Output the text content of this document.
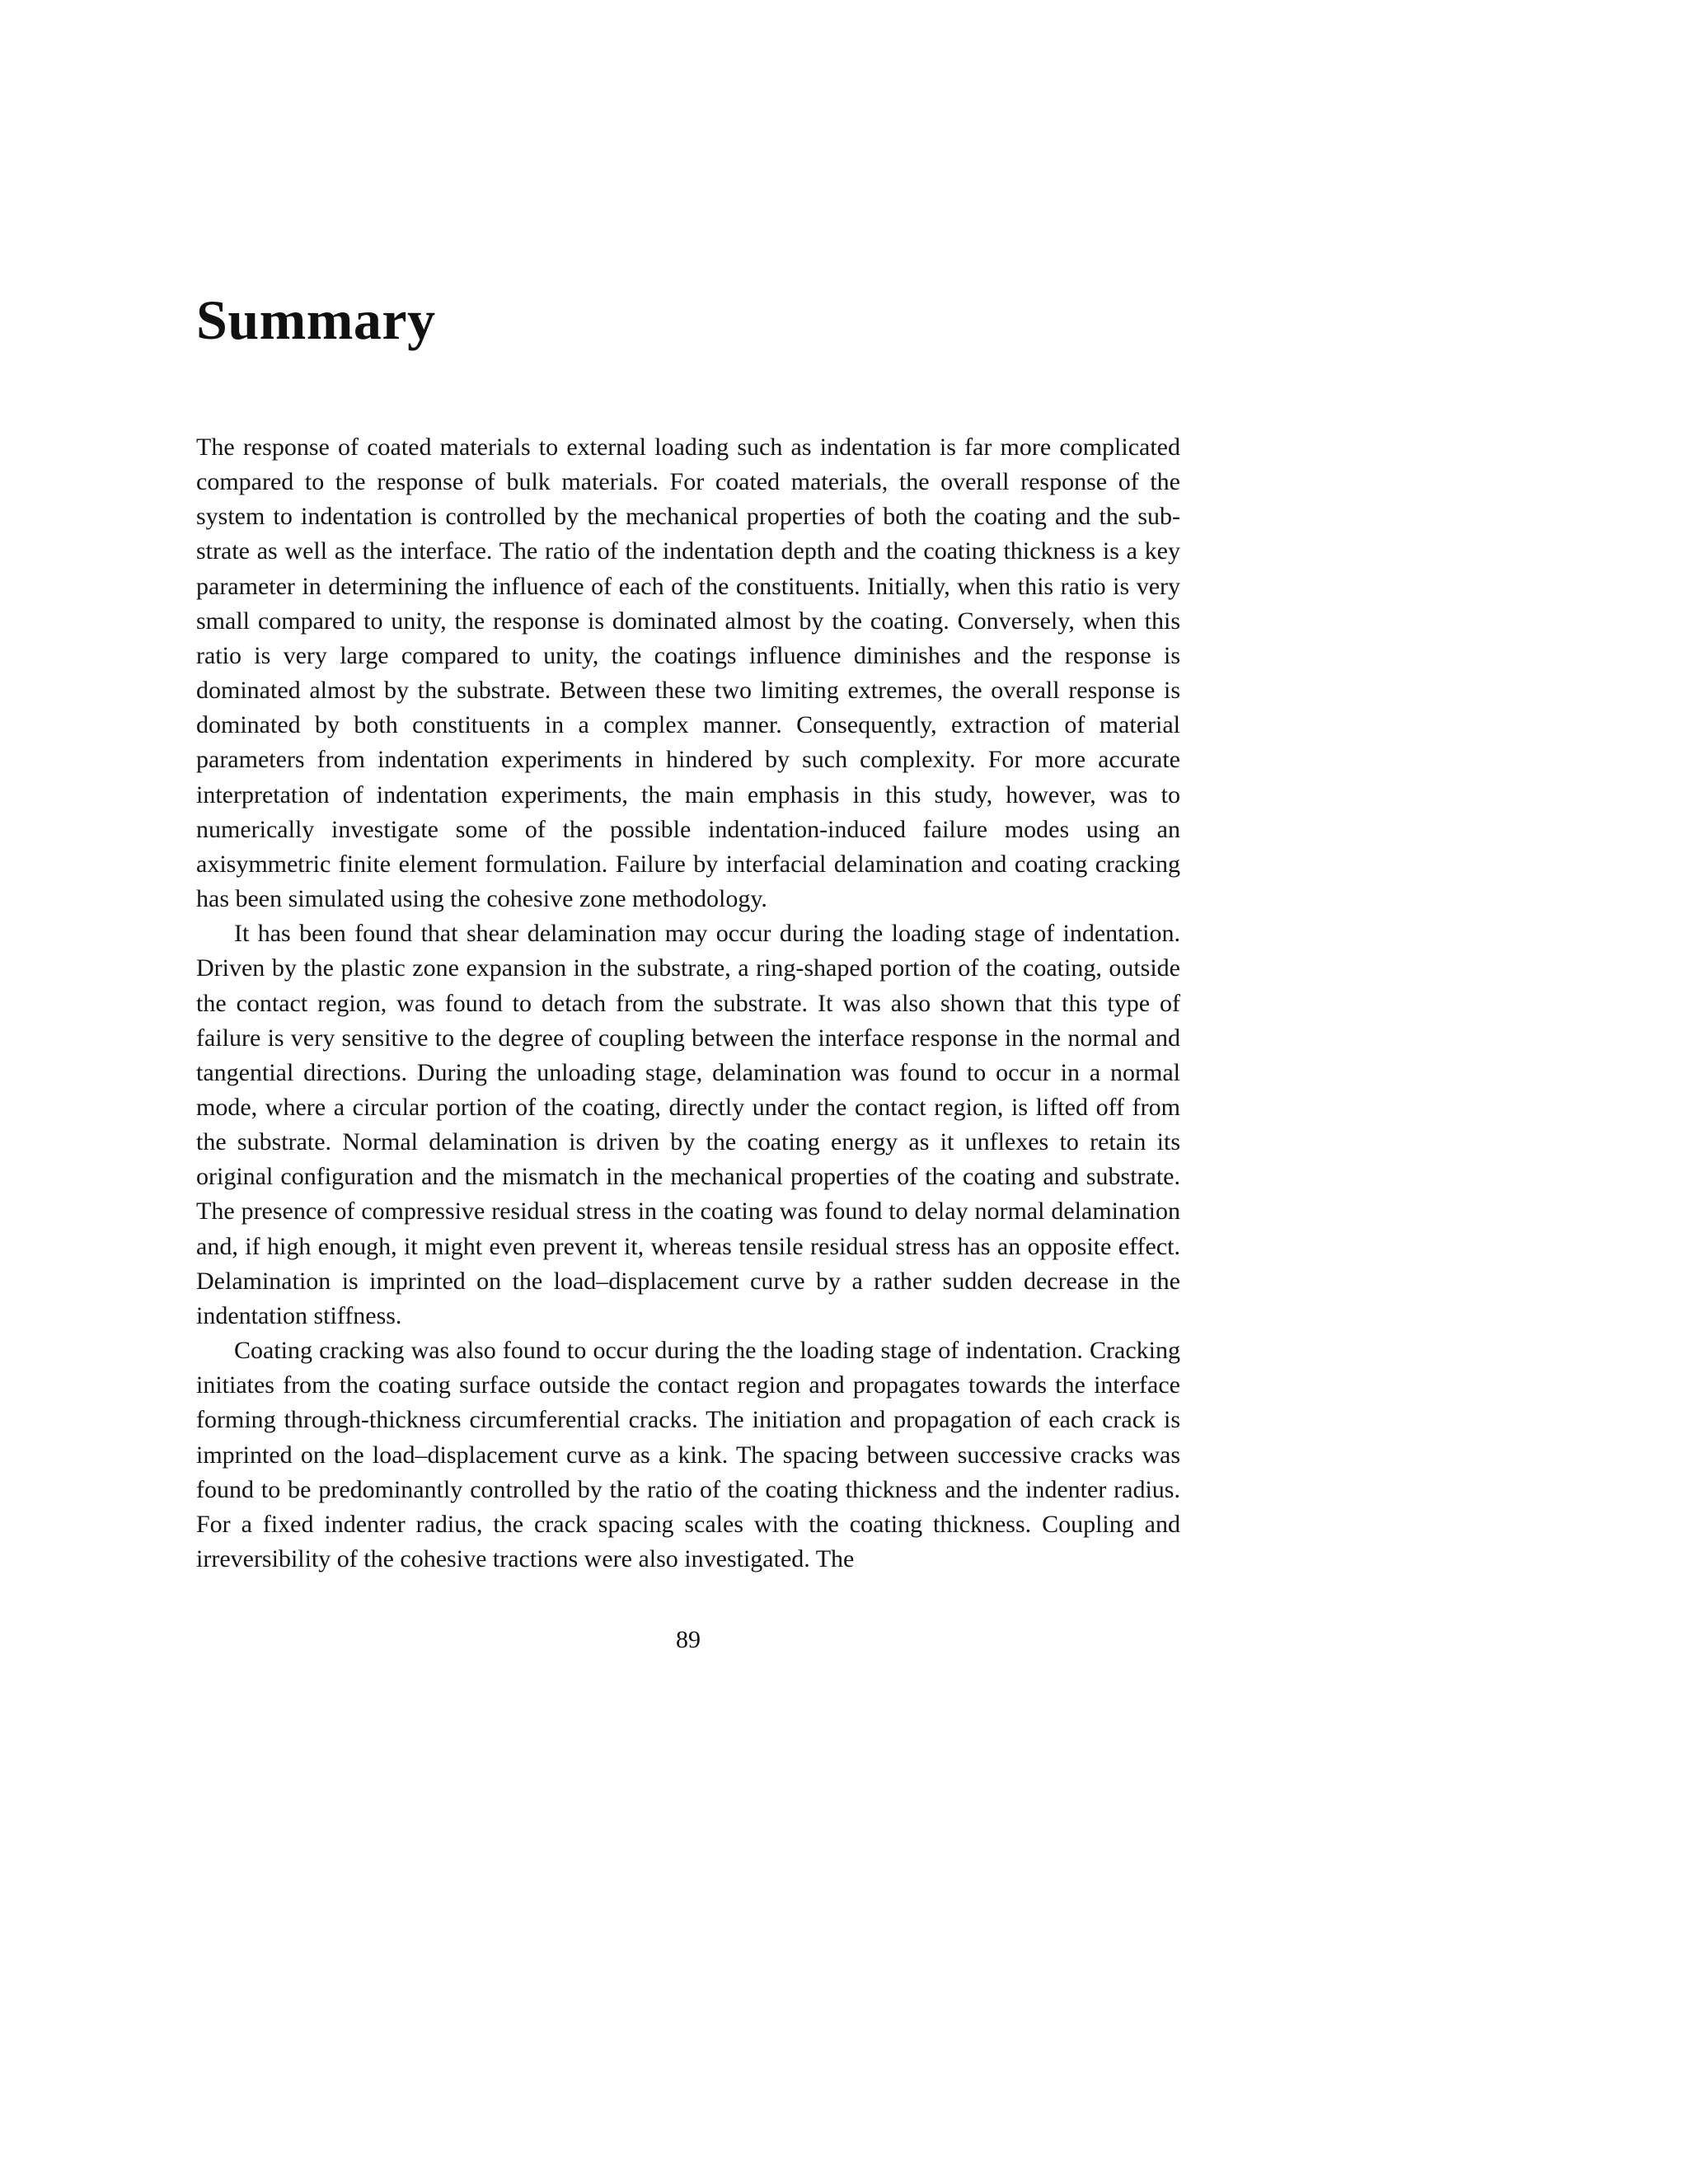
Summary

The response of coated materials to external loading such as indentation is far more complicated compared to the response of bulk materials. For coated materials, the overall response of the system to indentation is controlled by the mechanical properties of both the coating and the substrate as well as the interface. The ratio of the indentation depth and the coating thickness is a key parameter in determining the influence of each of the constituents. Initially, when this ratio is very small compared to unity, the response is dominated almost by the coating. Conversely, when this ratio is very large compared to unity, the coatings influence diminishes and the response is dominated almost by the substrate. Between these two limiting extremes, the overall response is dominated by both constituents in a complex manner. Consequently, extraction of material parameters from indentation experiments in hindered by such complexity. For more accurate interpretation of indentation experiments, the main emphasis in this study, however, was to numerically investigate some of the possible indentation-induced failure modes using an axisymmetric finite element formulation. Failure by interfacial delamination and coating cracking has been simulated using the cohesive zone methodology.

It has been found that shear delamination may occur during the loading stage of indentation. Driven by the plastic zone expansion in the substrate, a ring-shaped portion of the coating, outside the contact region, was found to detach from the substrate. It was also shown that this type of failure is very sensitive to the degree of coupling between the interface response in the normal and tangential directions. During the unloading stage, delamination was found to occur in a normal mode, where a circular portion of the coating, directly under the contact region, is lifted off from the substrate. Normal delamination is driven by the coating energy as it unflexes to retain its original configuration and the mismatch in the mechanical properties of the coating and substrate. The presence of compressive residual stress in the coating was found to delay normal delamination and, if high enough, it might even prevent it, whereas tensile residual stress has an opposite effect. Delamination is imprinted on the load–displacement curve by a rather sudden decrease in the indentation stiffness.

Coating cracking was also found to occur during the the loading stage of indentation. Cracking initiates from the coating surface outside the contact region and propagates towards the interface forming through-thickness circumferential cracks. The initiation and propagation of each crack is imprinted on the load–displacement curve as a kink. The spacing between successive cracks was found to be predominantly controlled by the ratio of the coating thickness and the indenter radius. For a fixed indenter radius, the crack spacing scales with the coating thickness. Coupling and irreversibility of the cohesive tractions were also investigated. The

89
